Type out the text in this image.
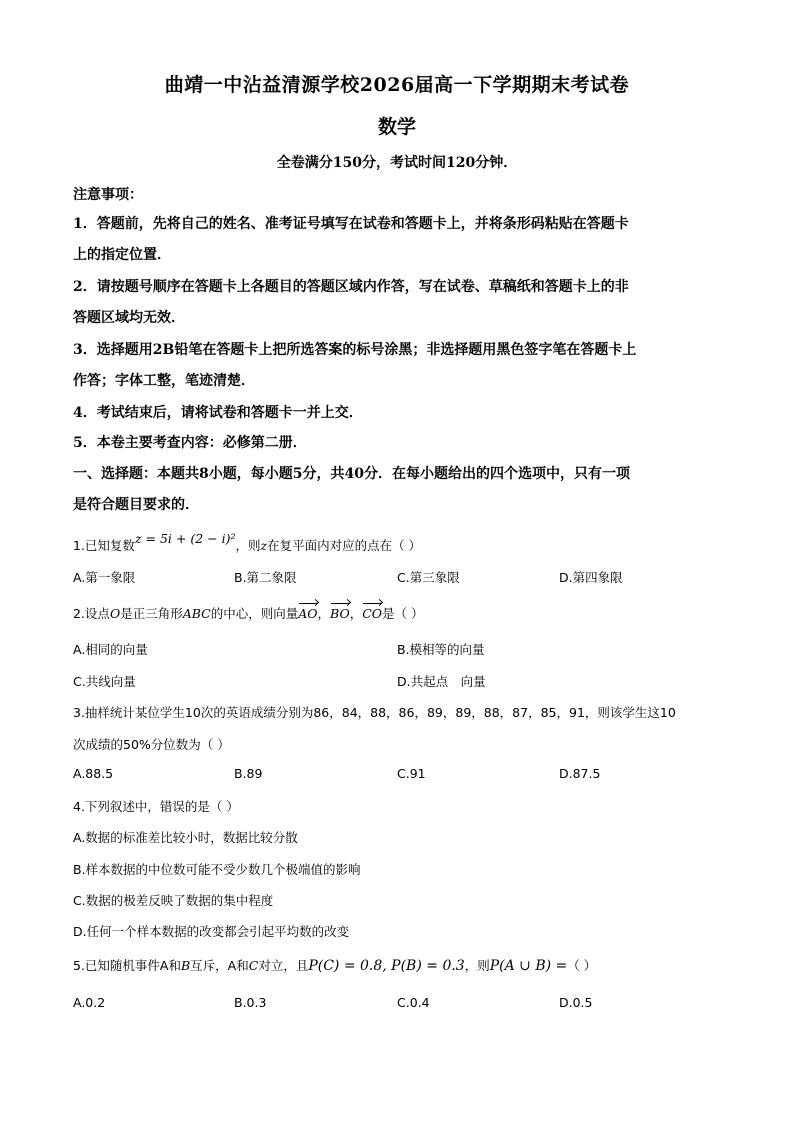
曲靖一中沾益清源学校2026届高一下学期期末考试卷
数学
全卷满分150分，考试时间120分钟．
注意事项：
1．答题前，先将自己的姓名、准考证号填写在试卷和答题卡上，并将条形码粘贴在答题卡
上的指定位置．
2．请按题号顺序在答题卡上各题目的答题区域内作答，写在试卷、草稿纸和答题卡上的非
答题区域均无效．
3．选择题用2B铅笔在答题卡上把所选答案的标号涂黑；非选择题用黑色签字笔在答题卡上
作答；字体工整，笔迹清楚．
4．考试结束后，请将试卷和答题卡一并上交．
5．本卷主要考查内容：必修第二册．
一、选择题：本题共8小题，每小题5分，共40分．在每小题给出的四个选项中，只有一项
是符合题目要求的．
1.已知复数z = 5i + (2 − i)²，则z在复平面内对应的点在（ ）
A.第一象限	B.第二象限	C.第三象限	D.第四象限
2.设点O是正三角形ABC的中心，则向量AO，BO，CO是（ ）
A.相同的向量	B.模相等的向量
C.共线向量	D.共起点　向量
3.抽样统计某位学生10次的英语成绩分别为86，84，88，86，89，89，88，87，85，91，则该学生这10
次成绩的50%分位数为（ ）
A.88.5	B.89	C.91	D.87.5
4.下列叙述中，错误的是（ ）
A.数据的标准差比较小时，数据比较分散
B.样本数据的中位数可能不受少数几个极端值的影响
C.数据的极差反映了数据的集中程度
D.任何一个样本数据的改变都会引起平均数的改变
5.已知随机事件A和B互斥，A和C对立，且P(C) = 0.8, P(B) = 0.3，则P(A ∪ B) =（ ）
A.0.2	B.0.3	C.0.4	D.0.5
